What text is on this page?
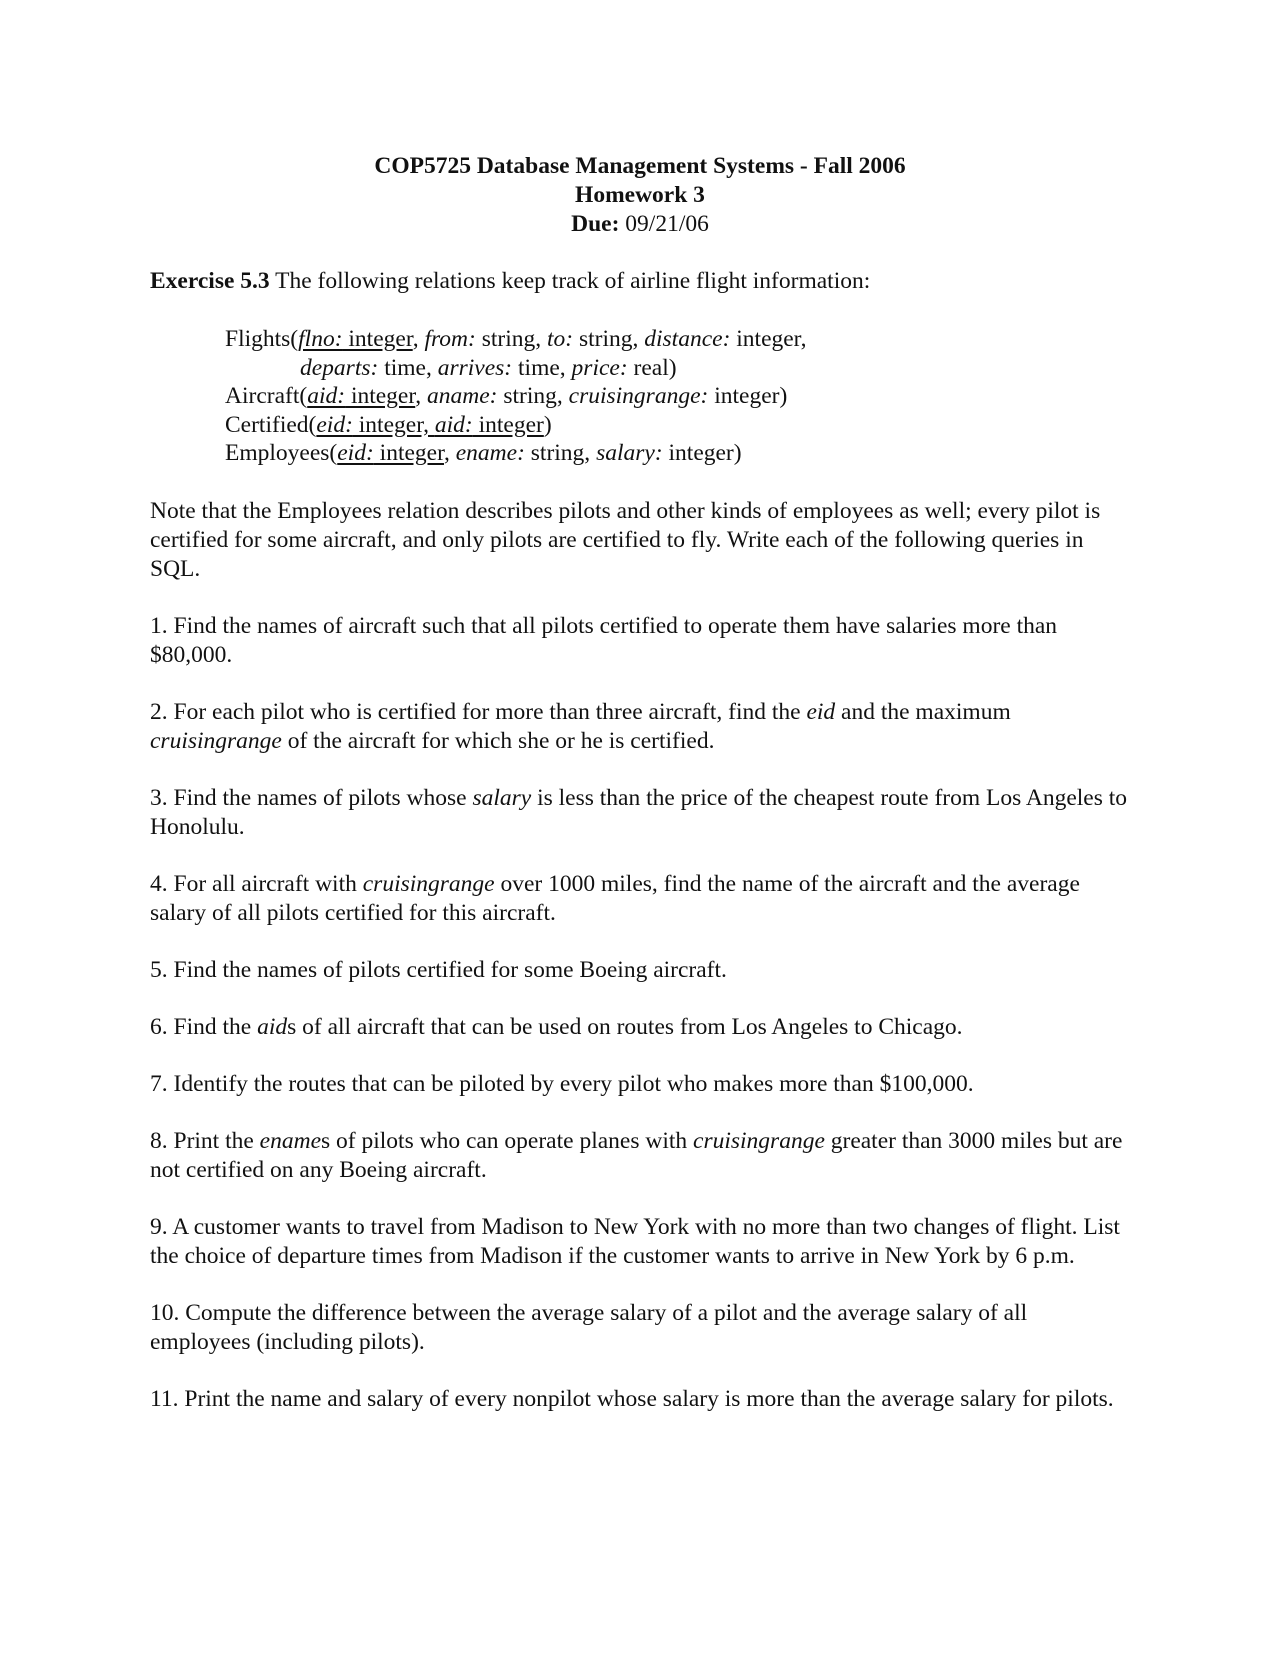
COP5725 Database Management Systems - Fall 2006
Homework 3
Due: 09/21/06
Exercise 5.3 The following relations keep track of airline flight information:
Flights(flno: integer, from: string, to: string, distance: integer,
departs: time, arrives: time, price: real)
Aircraft(aid: integer, aname: string, cruisingrange: integer)
Certified(eid: integer, aid: integer)
Employees(eid: integer, ename: string, salary: integer)
Note that the Employees relation describes pilots and other kinds of employees as well; every pilot is certified for some aircraft, and only pilots are certified to fly. Write each of the following queries in SQL.

1. Find the names of aircraft such that all pilots certified to operate them have salaries more than $80,000.

2. For each pilot who is certified for more than three aircraft, find the eid and the maximum cruisingrange of the aircraft for which she or he is certified.

3. Find the names of pilots whose salary is less than the price of the cheapest route from Los Angeles to Honolulu.

4. For all aircraft with cruisingrange over 1000 miles, find the name of the aircraft and the average salary of all pilots certified for this aircraft.

5. Find the names of pilots certified for some Boeing aircraft.

6. Find the aids of all aircraft that can be used on routes from Los Angeles to Chicago.

7. Identify the routes that can be piloted by every pilot who makes more than $100,000.

8. Print the enames of pilots who can operate planes with cruisingrange greater than 3000 miles but are not certified on any Boeing aircraft.

9. A customer wants to travel from Madison to New York with no more than two changes of flight. List the choice of departure times from Madison if the customer wants to arrive in New York by 6 p.m.

10. Compute the difference between the average salary of a pilot and the average salary of all employees (including pilots).

11. Print the name and salary of every nonpilot whose salary is more than the average salary for pilots.
